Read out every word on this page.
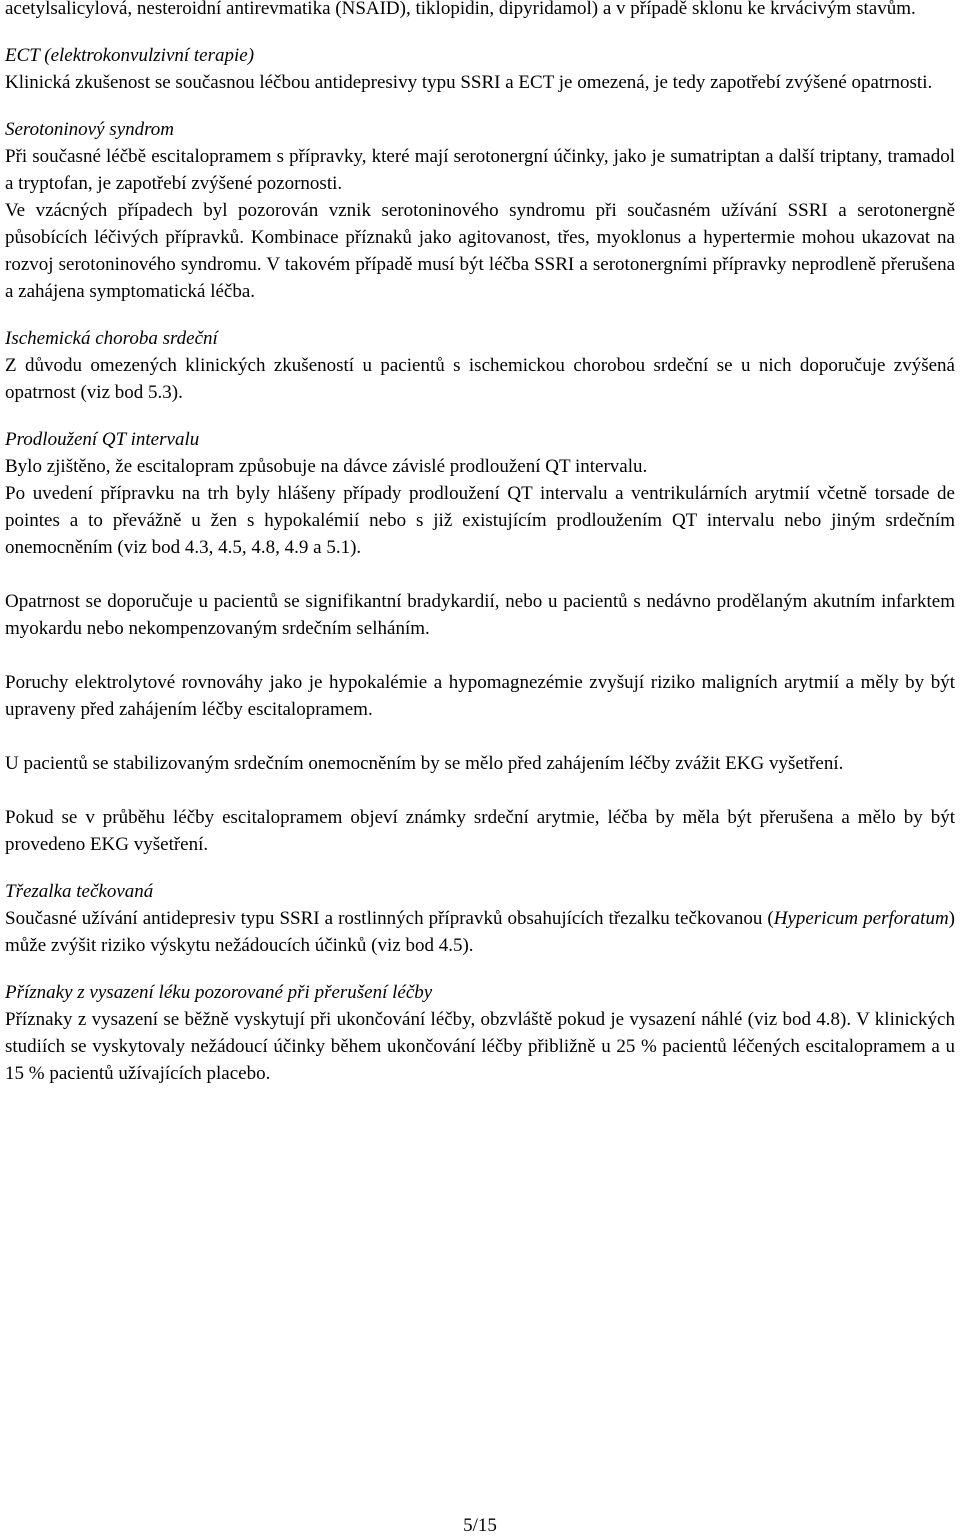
acetylsalicylová, nesteroidní antirevmatika (NSAID), tiklopidin, dipyridamol) a v případě sklonu ke krvácivým stavům.

ECT (elektrokonvulzivní terapie)

Klinická zkušenost se současnou léčbou antidepresivy typu SSRI a ECT je omezená, je tedy zapotřebí zvýšené opatrnosti.

Serotoninový syndrom

Při současné léčbě escitalopramem s přípravky, které mají serotonergní účinky, jako je sumatriptan a další triptany, tramadol a tryptofan, je zapotřebí zvýšené pozornosti.

Ve vzácných případech byl pozorován vznik serotoninového syndromu při současném užívání SSRI a serotonergně působících léčivých přípravků. Kombinace příznaků jako agitovanost, třes, myoklonus a hypertermie mohou ukazovat na rozvoj serotoninového syndromu. V takovém případě musí být léčba SSRI a serotonergními přípravky neprodleně přerušena a zahájena symptomatická léčba.

Ischemická choroba srdeční

Z důvodu omezených klinických zkušeností u pacientů s ischemickou chorobou srdeční se u nich doporučuje zvýšená opatrnost (viz bod 5.3).

Prodloužení QT intervalu

Bylo zjištěno, že escitalopram způsobuje na dávce závislé prodloužení QT intervalu.

Po uvedení přípravku na trh byly hlášeny případy prodloužení QT intervalu a ventrikulárních arytmií včetně torsade de pointes a to převážně u žen s hypokalémií nebo s již existujícím prodloužením QT intervalu nebo jiným srdečním onemocněním (viz bod 4.3, 4.5, 4.8, 4.9 a 5.1).

Opatrnost se doporučuje u pacientů se signifikantní bradykardií, nebo u pacientů s nedávno prodělaným akutním infarktem myokardu nebo nekompenzovaným srdečním selháním.

Poruchy elektrolytové rovnováhy jako je hypokalémie a hypomagnezémie zvyšují riziko maligních arytmií a měly by být upraveny před zahájením léčby escitalopramem.

U pacientů se stabilizovaným srdečním onemocněním by se mělo před zahájením léčby zvážit EKG vyšetření.

Pokud se v průběhu léčby escitalopramem objeví známky srdeční arytmie, léčba by měla být přerušena a mělo by být provedeno EKG vyšetření.

Třezalka tečkovaná

Současné užívání antidepresiv typu SSRI a rostlinných přípravků obsahujících třezalku tečkovanou (Hypericum perforatum) může zvýšit riziko výskytu nežádoucích účinků (viz bod 4.5).

Příznaky z vysazení léku pozorované při přerušení léčby

Příznaky z vysazení se běžně vyskytují při ukončování léčby, obzvláště pokud je vysazení náhlé (viz bod 4.8). V klinických studiích se vyskytovaly nežádoucí účinky během ukončování léčby přibližně u 25 % pacientů léčených escitalopramem a u 15 % pacientů užívajících placebo.

5/15
